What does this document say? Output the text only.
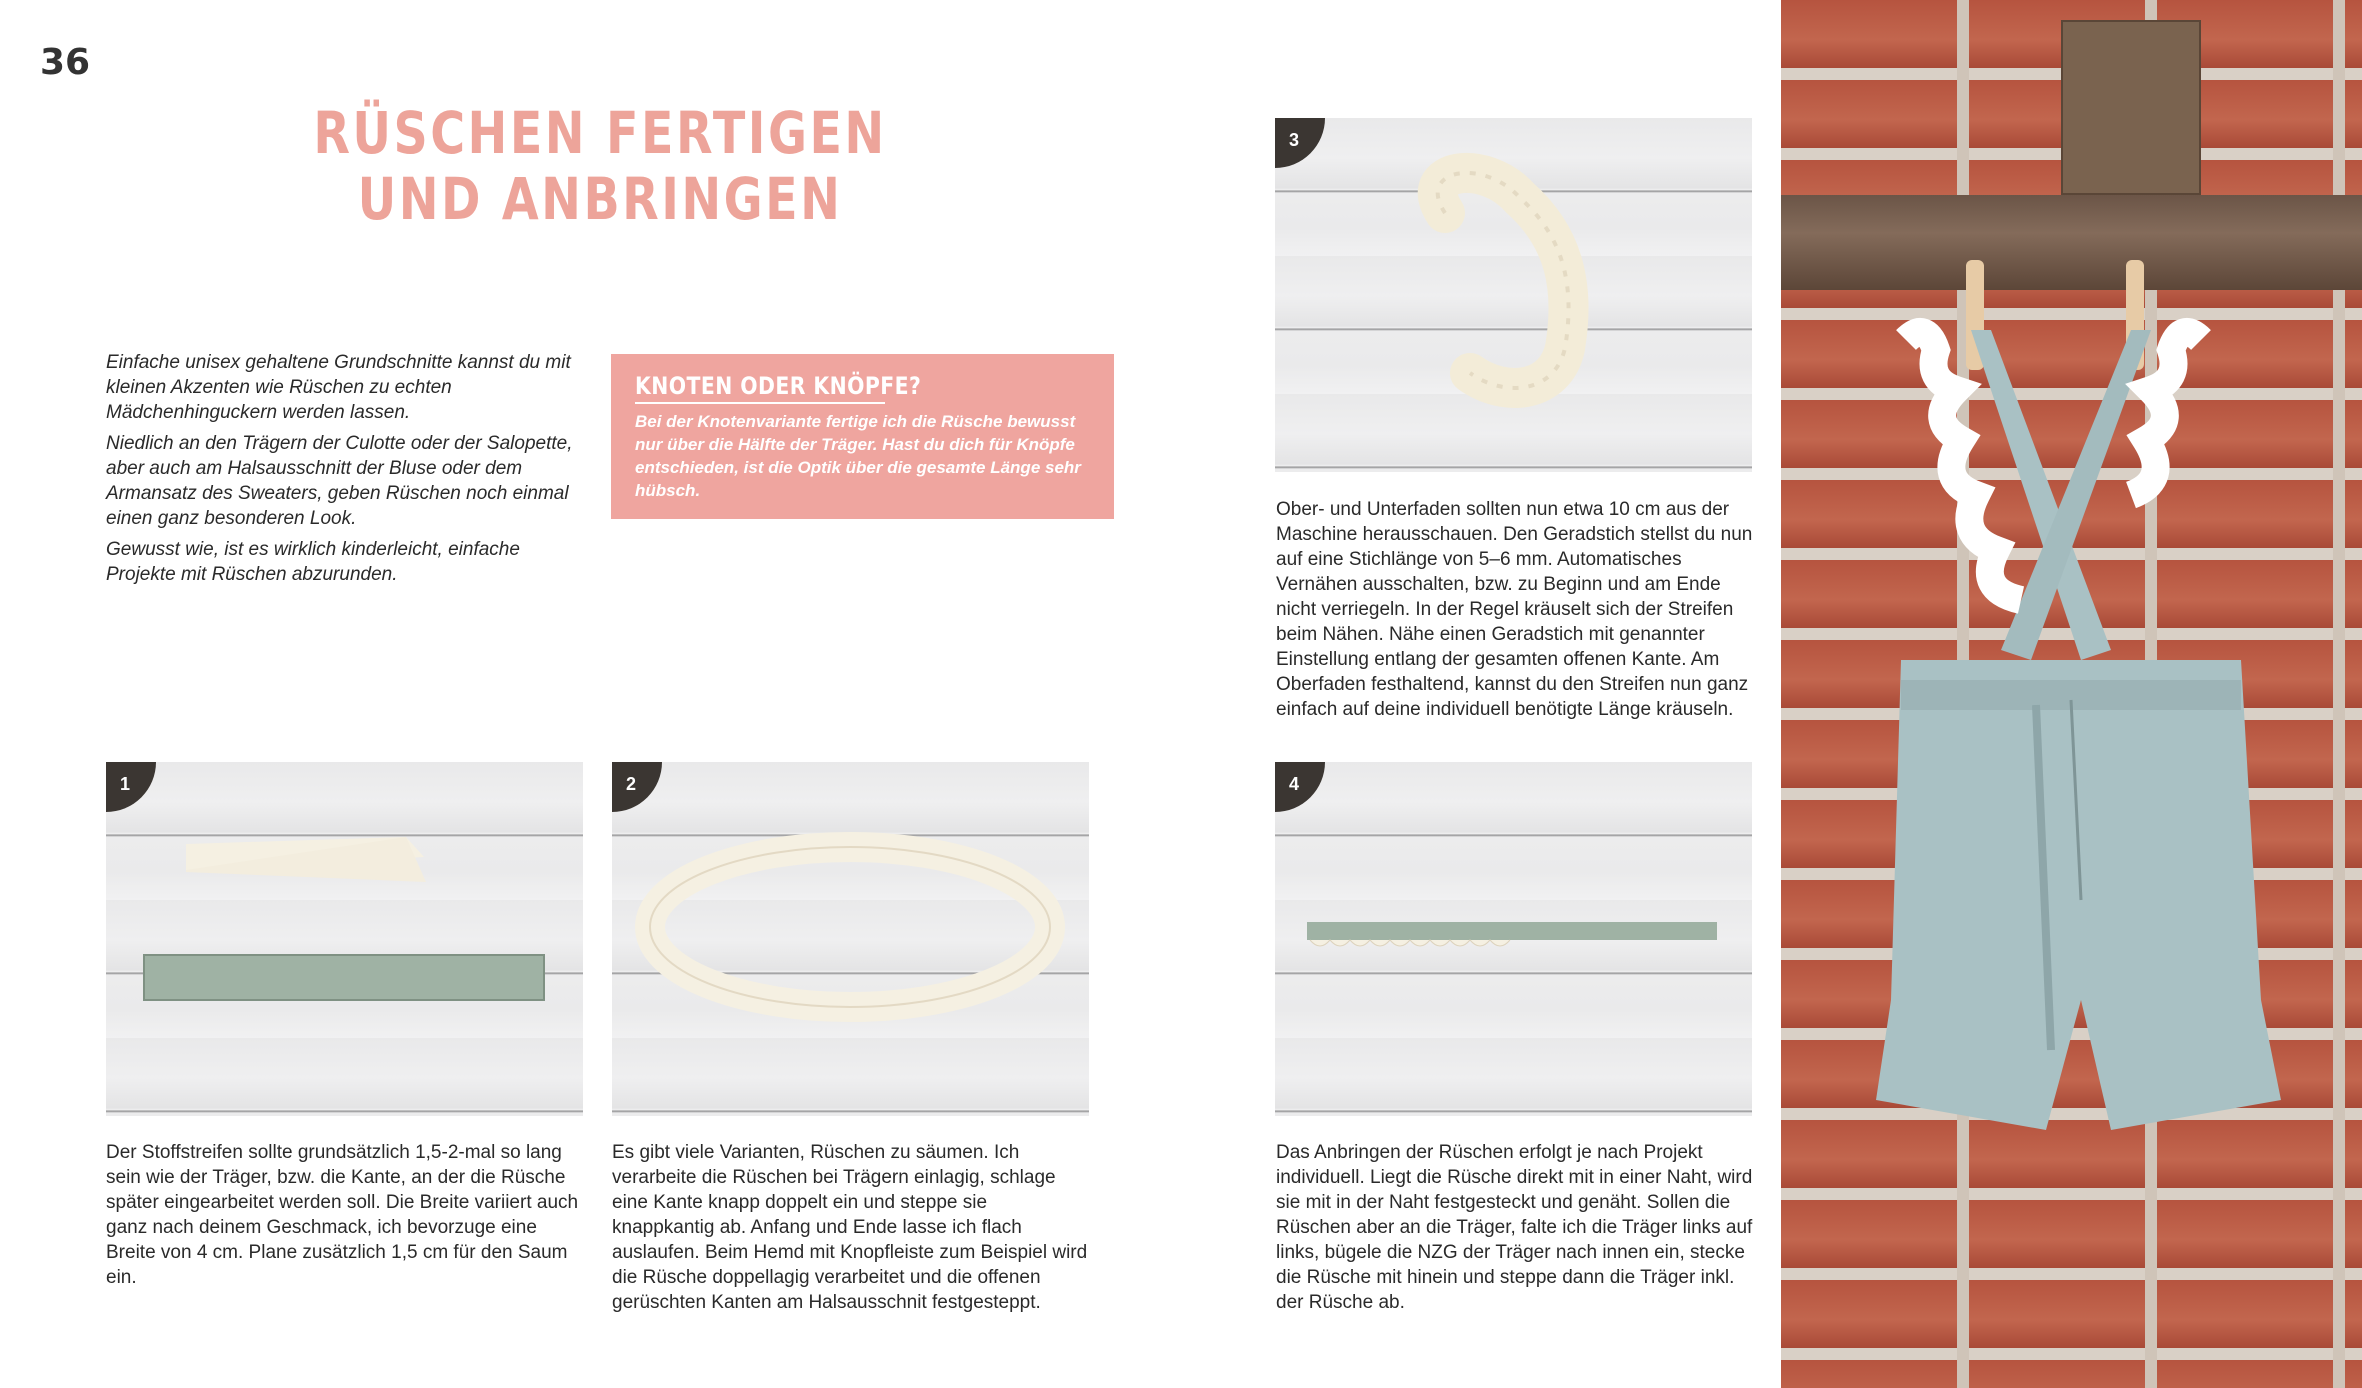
36
RÜSCHEN FERTIGEN
UND ANBRINGEN

Einfache unisex gehaltene Grundschnitte kannst du mit kleinen Akzenten wie Rüschen zu echten Mädchenhinguckern werden lassen.

Niedlich an den Trägern der Culotte oder der Salopette, aber auch am Halsausschnitt der Bluse oder dem Armansatz des Sweaters, geben Rüschen noch einmal einen ganz besonderen Look.

Gewusst wie, ist es wirklich kinderleicht, einfache Projekte mit Rüschen abzurunden.

KNOTEN ODER KNÖPFE?
Bei der Knotenvariante fertige ich die Rüsche bewusst nur über die Hälfte der Träger. Hast du dich für Knöpfe entschieden, ist die Optik über die gesamte Länge sehr hübsch.
3
Ober- und Unterfaden sollten nun etwa 10 cm aus der Maschine herausschauen. Den Geradstich stellst du nun auf eine Stichlänge von 5–6 mm. Automatisches Vernähen ausschalten, bzw. zu Beginn und am Ende nicht verriegeln. In der Regel kräuselt sich der Streifen beim Nähen. Nähe einen Geradstich mit genannter Einstellung entlang der gesamten offenen Kante. Am Oberfaden festhaltend, kannst du den Streifen nun ganz einfach auf deine individuell benötigte Länge kräuseln.
1
Der Stoffstreifen sollte grundsätzlich 1,5-2-mal so lang sein wie der Träger, bzw. die Kante, an der die Rüsche später eingearbeitet werden soll. Die Breite variiert auch ganz nach deinem Geschmack, ich bevorzuge eine Breite von 4 cm. Plane zusätzlich 1,5 cm für den Saum ein.
2
Es gibt viele Varianten, Rüschen zu säumen. Ich verarbeite die Rüschen bei Trägern einlagig, schlage eine Kante knapp doppelt ein und steppe sie knappkantig ab. Anfang und Ende lasse ich flach auslaufen. Beim Hemd mit Knopfleiste zum Beispiel wird die Rüsche doppellagig verarbeitet und die offenen gerüschten Kanten am Halsausschnit festgesteppt.
4
Das Anbringen der Rüschen erfolgt je nach Projekt individuell. Liegt die Rüsche direkt mit in einer Naht, wird sie mit in der Naht festgesteckt und genäht. Sollen die Rüschen aber an die Träger, falte ich die Träger links auf links, bügele die NZG der Träger nach innen ein, stecke die Rüsche mit hinein und steppe dann die Träger inkl. der Rüsche ab.
